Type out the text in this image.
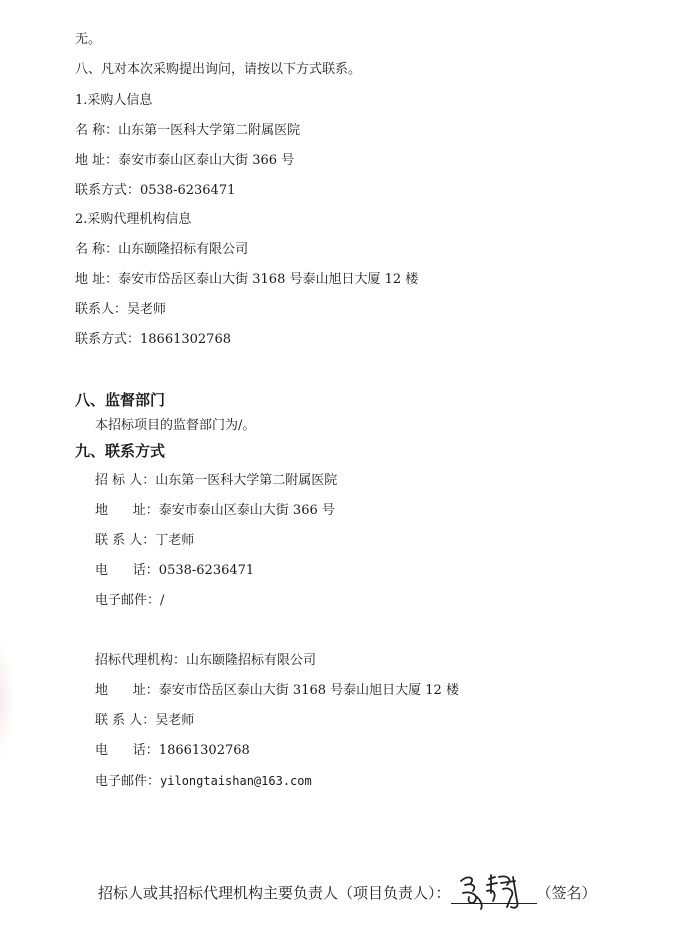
无。
八、凡对本次采购提出询问，请按以下方式联系。
1.采购人信息
名 称：山东第一医科大学第二附属医院
地 址：泰安市泰山区泰山大街 366 号
联系方式：0538-6236471
2.采购代理机构信息
名 称：山东颐隆招标有限公司
地 址：泰安市岱岳区泰山大街 3168 号泰山旭日大厦 12 楼
联系人：吴老师
联系方式：18661302768
八、监督部门
本招标项目的监督部门为/。
九、联系方式
招 标 人：山东第一医科大学第二附属医院
地      址：泰安市泰山区泰山大街 366 号
联 系 人：丁老师
电      话：0538-6236471
电子邮件：/
招标代理机构：山东颐隆招标有限公司
地      址：泰安市岱岳区泰山大街 3168 号泰山旭日大厦 12 楼
联 系 人：吴老师
电      话：18661302768
电子邮件：yilongtaishan@163.com
招标人或其招标代理机构主要负责人（项目负责人）：	（签名）
